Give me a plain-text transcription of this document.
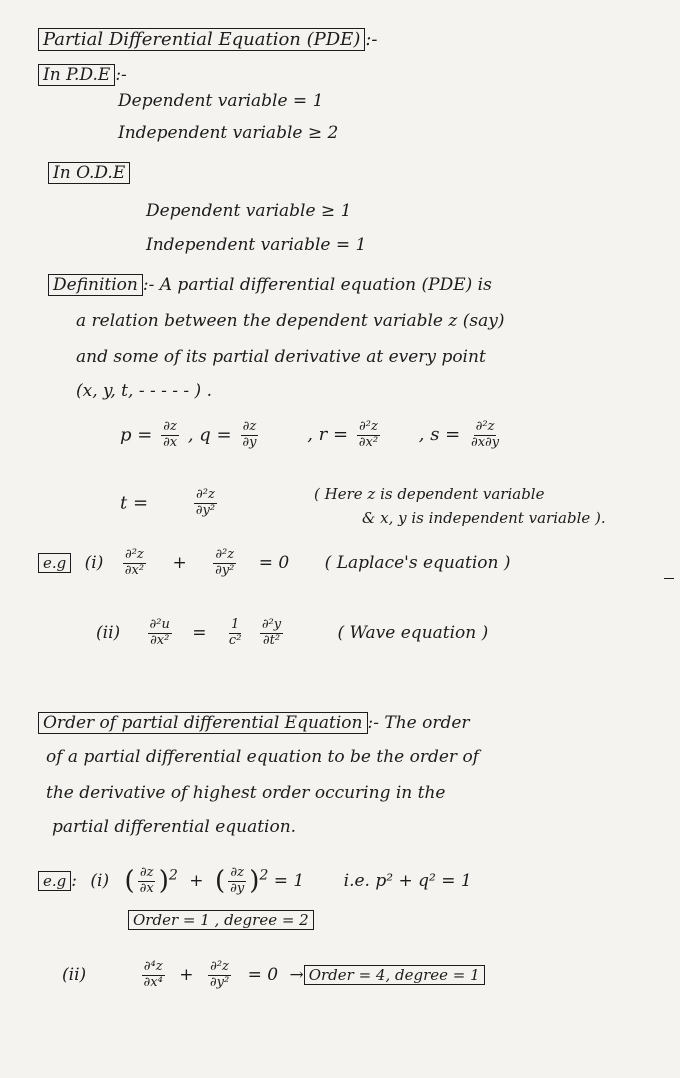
Partial Differential Equation (PDE) :-
In P.D.E :-
Dependent variable = 1
Independent variable ≥ 2
In O.D.E
Dependent variable ≥ 1
Independent variable = 1
Definition :- A partial differential equation (PDE) is
a relation between the dependent variable z (say)
and some of its partial derivative at every point
(x, y, t, - - - - - ) .
$p = \frac{\partial z}{\partial x}$ , $q = \frac{\partial z}{\partial y}$	, $r = \frac{\text{∂²z}}{\text{∂x²}}$ , $s = \frac{\text{∂²z}}{\partial x\partial y}$
t =	$\frac{\text{∂²z}}{\text{∂y²}}$	( Here z is dependent variable
& x, y is independent variable ).
e.g $(i) \frac{\text{∂²z}}{\text{∂x²}} + \frac{\text{∂²z}}{\text{∂y²}} = 0$ ( Laplace's equation )
$(ii) \frac{\text{∂²u}}{\text{∂x²}} = \frac{1}{\text{c²}}$
$\frac{\text{∂²y}}{\text{∂t²}}$	( Wave equation )
Order of partial differential Equation :- The order
of a partial differential equation to be the order of
the derivative of highest order occuring in the
partial differential equation.
e.g : (i) ( $\frac{\partial z}{\partial x} )^2$ + ( $\frac{\partial z}{\partial y} )^2 = 1$ i.e. p² + q² = 1
Order = 1 , degree = 2
(ii)	$\frac{\text{∂⁴z}}{\text{∂x⁴}} + \frac{\text{∂²z}}{\text{∂y²}} = 0$ → Order = 4, degree = 1
